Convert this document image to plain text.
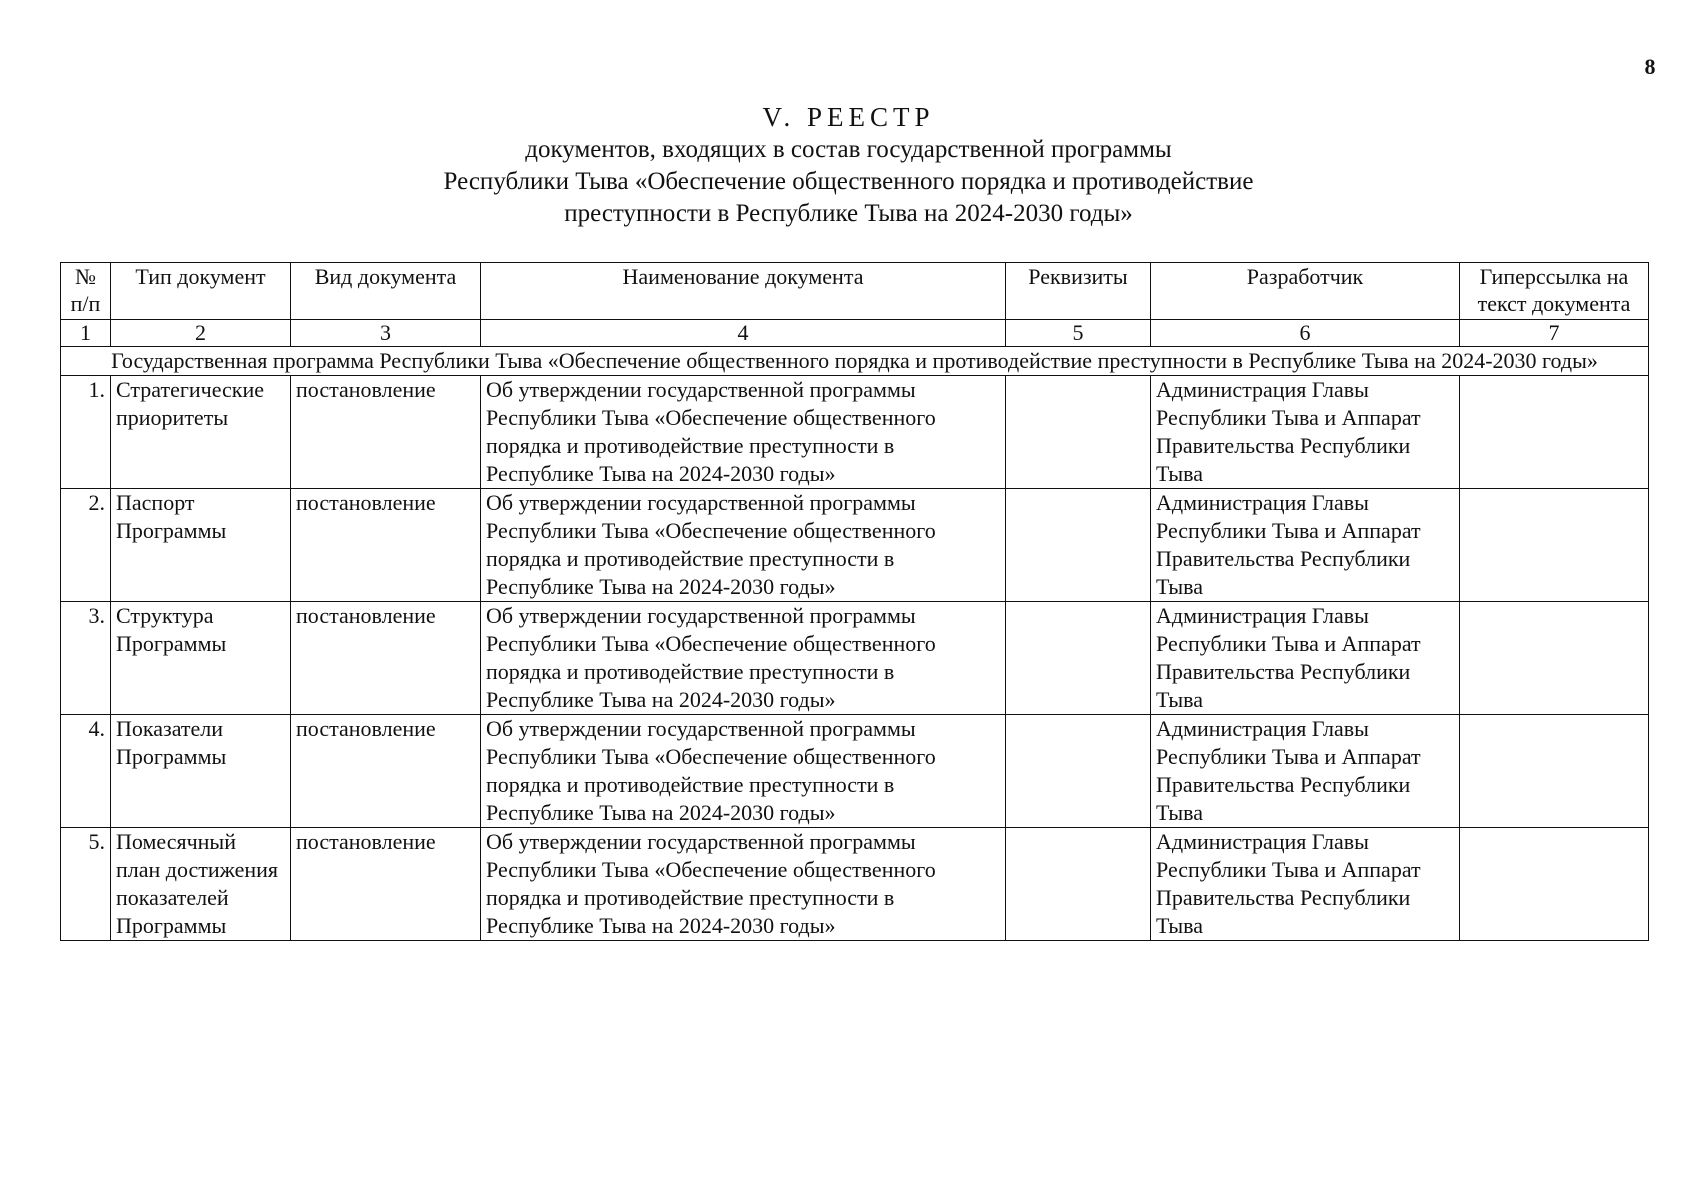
8
V. РЕЕСТР
документов, входящих в состав государственной программы
Республики Тыва «Обеспечение общественного порядка и противодействие
преступности в Республике Тыва на 2024-2030 годы»
№ п/п	Тип документ	Вид документа	Наименование документа	Реквизиты	Разработчик	Гиперссылка на текст документа
1	2	3	4	5	6	7
Государственная программа Республики Тыва «Обеспечение общественного порядка и противодействие преступности в Республике Тыва на 2024-2030 годы»						
1.	Стратегические приоритеты	постановление	Об утверждении государственной программы Республики Тыва «Обеспечение общественного порядка и противодействие преступности в Республике Тыва на 2024-2030 годы»		Администрация Главы Республики Тыва и Аппарат Правительства Республики Тыва	
2.	Паспорт Программы	постановление	Об утверждении государственной программы Республики Тыва «Обеспечение общественного порядка и противодействие преступности в Республике Тыва на 2024-2030 годы»		Администрация Главы Республики Тыва и Аппарат Правительства Республики Тыва	
3.	Структура Программы	постановление	Об утверждении государственной программы Республики Тыва «Обеспечение общественного порядка и противодействие преступности в Республике Тыва на 2024-2030 годы»		Администрация Главы Республики Тыва и Аппарат Правительства Республики Тыва	
4.	Показатели Программы	постановление	Об утверждении государственной программы Республики Тыва «Обеспечение общественного порядка и противодействие преступности в Республике Тыва на 2024-2030 годы»		Администрация Главы Республики Тыва и Аппарат Правительства Республики Тыва	
5.	Помесячный план достижения показателей Программы	постановление	Об утверждении государственной программы Республики Тыва «Обеспечение общественного порядка и противодействие преступности в Республике Тыва на 2024-2030 годы»		Администрация Главы Республики Тыва и Аппарат Правительства Республики Тыва	
